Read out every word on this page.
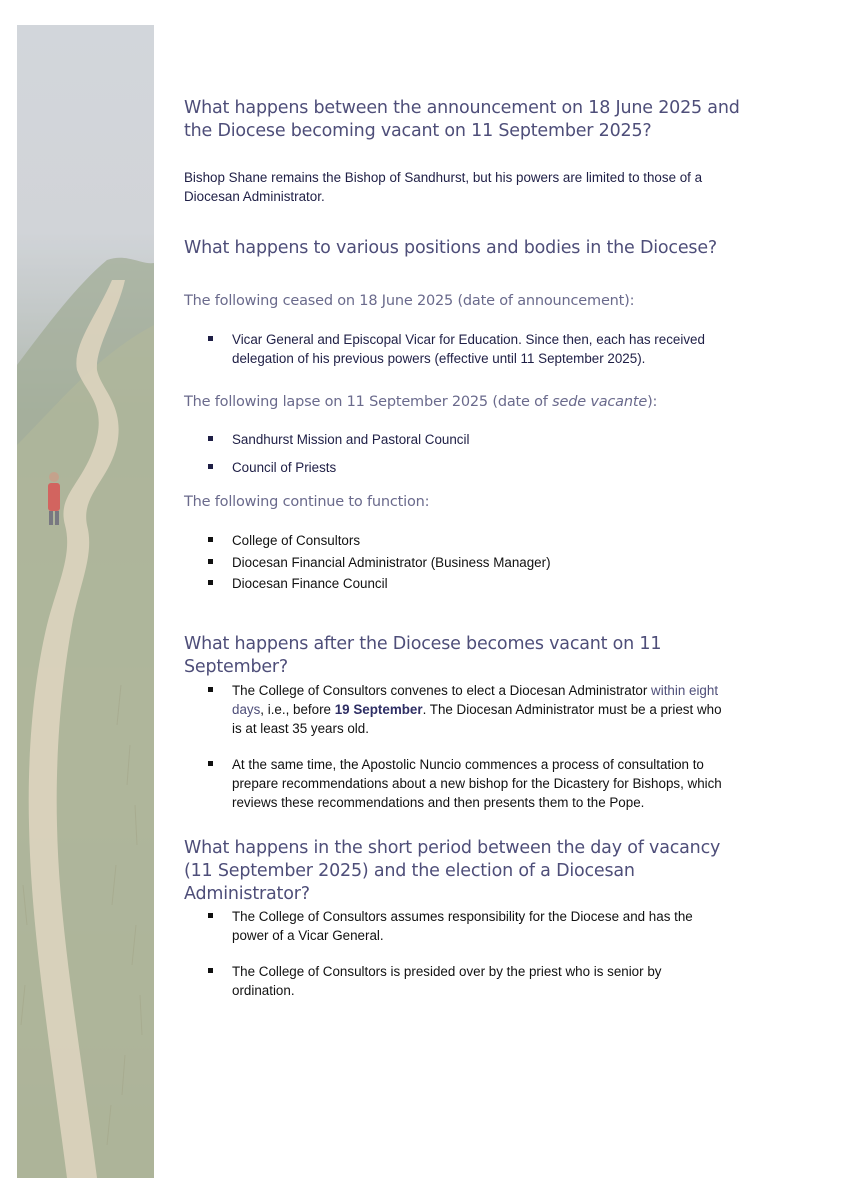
What happens between the announcement on 18 June 2025 and the Diocese becoming vacant on 11 September 2025?

Bishop Shane remains the Bishop of Sandhurst, but his powers are limited to those of a Diocesan Administrator.

What happens to various positions and bodies in the Diocese?
The following ceased on 18 June 2025 (date of announcement):
Vicar General and Episcopal Vicar for Education. Since then, each has received delegation of his previous powers (effective until 11 September 2025).
The following lapse on 11 September 2025 (date of sede vacante):
Sandhurst Mission and Pastoral Council
Council of Priests
The following continue to function:
College of Consultors
Diocesan Financial Administrator (Business Manager)
Diocesan Finance Council
What happens after the Diocese becomes vacant on 11 September?
The College of Consultors convenes to elect a Diocesan Administrator within eight days, i.e., before 19 September. The Diocesan Administrator must be a priest who is at least 35 years old.
At the same time, the Apostolic Nuncio commences a process of consultation to prepare recommendations about a new bishop for the Dicastery for Bishops, which reviews these recommendations and then presents them to the Pope.
What happens in the short period between the day of vacancy (11 September 2025) and the election of a Diocesan Administrator?
The College of Consultors assumes responsibility for the Diocese and has the power of a Vicar General.
The College of Consultors is presided over by the priest who is senior by ordination.
